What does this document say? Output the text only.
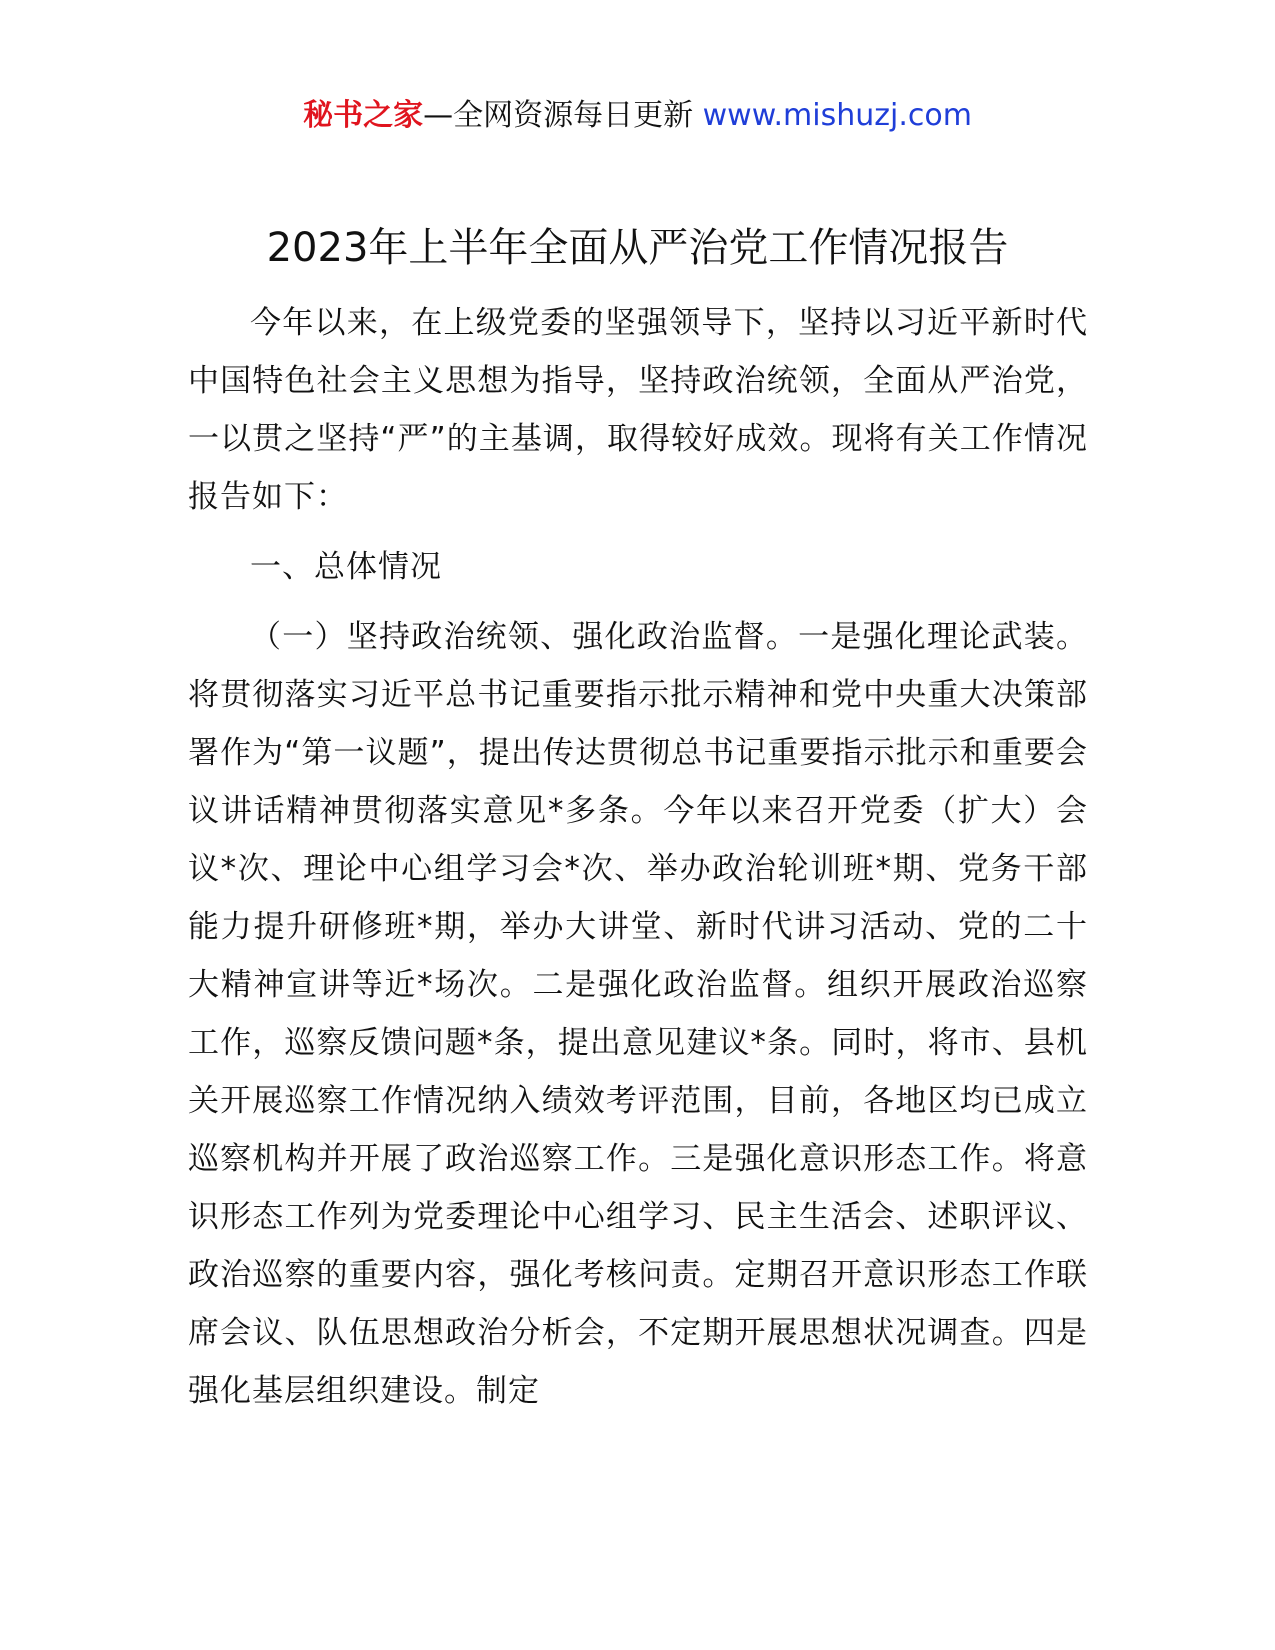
秘书之家—全网资源每日更新 www.mishuzj.com
2023年上半年全面从严治党工作情况报告

今年以来，在上级党委的坚强领导下，坚持以习近平新时代中国特色社会主义思想为指导，坚持政治统领，全面从严治党，一以贯之坚持“严”的主基调，取得较好成效。现将有关工作情况报告如下：

一、总体情况

（一）坚持政治统领、强化政治监督。一是强化理论武装。将贯彻落实习近平总书记重要指示批示精神和党中央重大决策部署作为“第一议题”，提出传达贯彻总书记重要指示批示和重要会议讲话精神贯彻落实意见*多条。今年以来召开党委（扩大）会议*次、理论中心组学习会*次、举办政治轮训班*期、党务干部能力提升研修班*期，举办大讲堂、新时代讲习活动、党的二十大精神宣讲等近*场次。二是强化政治监督。组织开展政治巡察工作，巡察反馈问题*条，提出意见建议*条。同时，将市、县机关开展巡察工作情况纳入绩效考评范围，目前，各地区均已成立巡察机构并开展了政治巡察工作。三是强化意识形态工作。将意识形态工作列为党委理论中心组学习、民主生活会、述职评议、政治巡察的重要内容，强化考核问责。定期召开意识形态工作联席会议、队伍思想政治分析会，不定期开展思想状况调查。四是强化基层组织建设。制定
